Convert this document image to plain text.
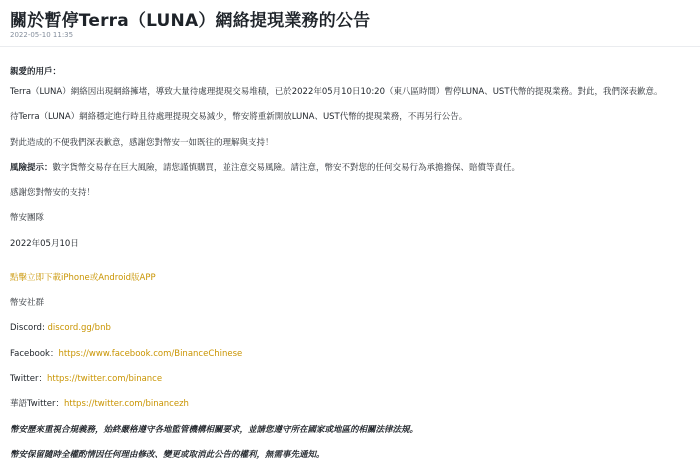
關於暫停Terra（LUNA）網絡提現業務的公告
2022-05-10 11:35
親愛的用戶：
Terra（LUNA）網絡因出現網絡擁堵，導致大量待處理提現交易堆積，已於2022年05月10日10:20（東八區時間）暫停LUNA、UST代幣的提現業務。對此，我們深表歉意。
待Terra（LUNA）網絡穩定進行時且待處理提現交易減少，幣安將重新開放LUNA、UST代幣的提現業務，不再另行公告。
對此造成的不便我們深表歉意，感謝您對幣安一如既往的理解與支持！
風險提示：數字貨幣交易存在巨大風險，請您謹慎購買，並注意交易風險。請注意，幣安不對您的任何交易行為承擔擔保、賠償等責任。
感謝您對幣安的支持！
幣安團隊
2022年05月10日
點擊立即下載iPhone或Android版APP
幣安社群
Discord: discord.gg/bnb
Facebook：https://www.facebook.com/BinanceChinese
Twitter：https://twitter.com/binance
華語Twitter：https://twitter.com/binancezh
幣安歷來重視合規義務，始終嚴格遵守各地監管機構相關要求，並請您遵守所在國家或地區的相關法律法規。
幣安保留隨時全權酌情因任何理由修改、變更或取消此公告的權利，無需事先通知。
